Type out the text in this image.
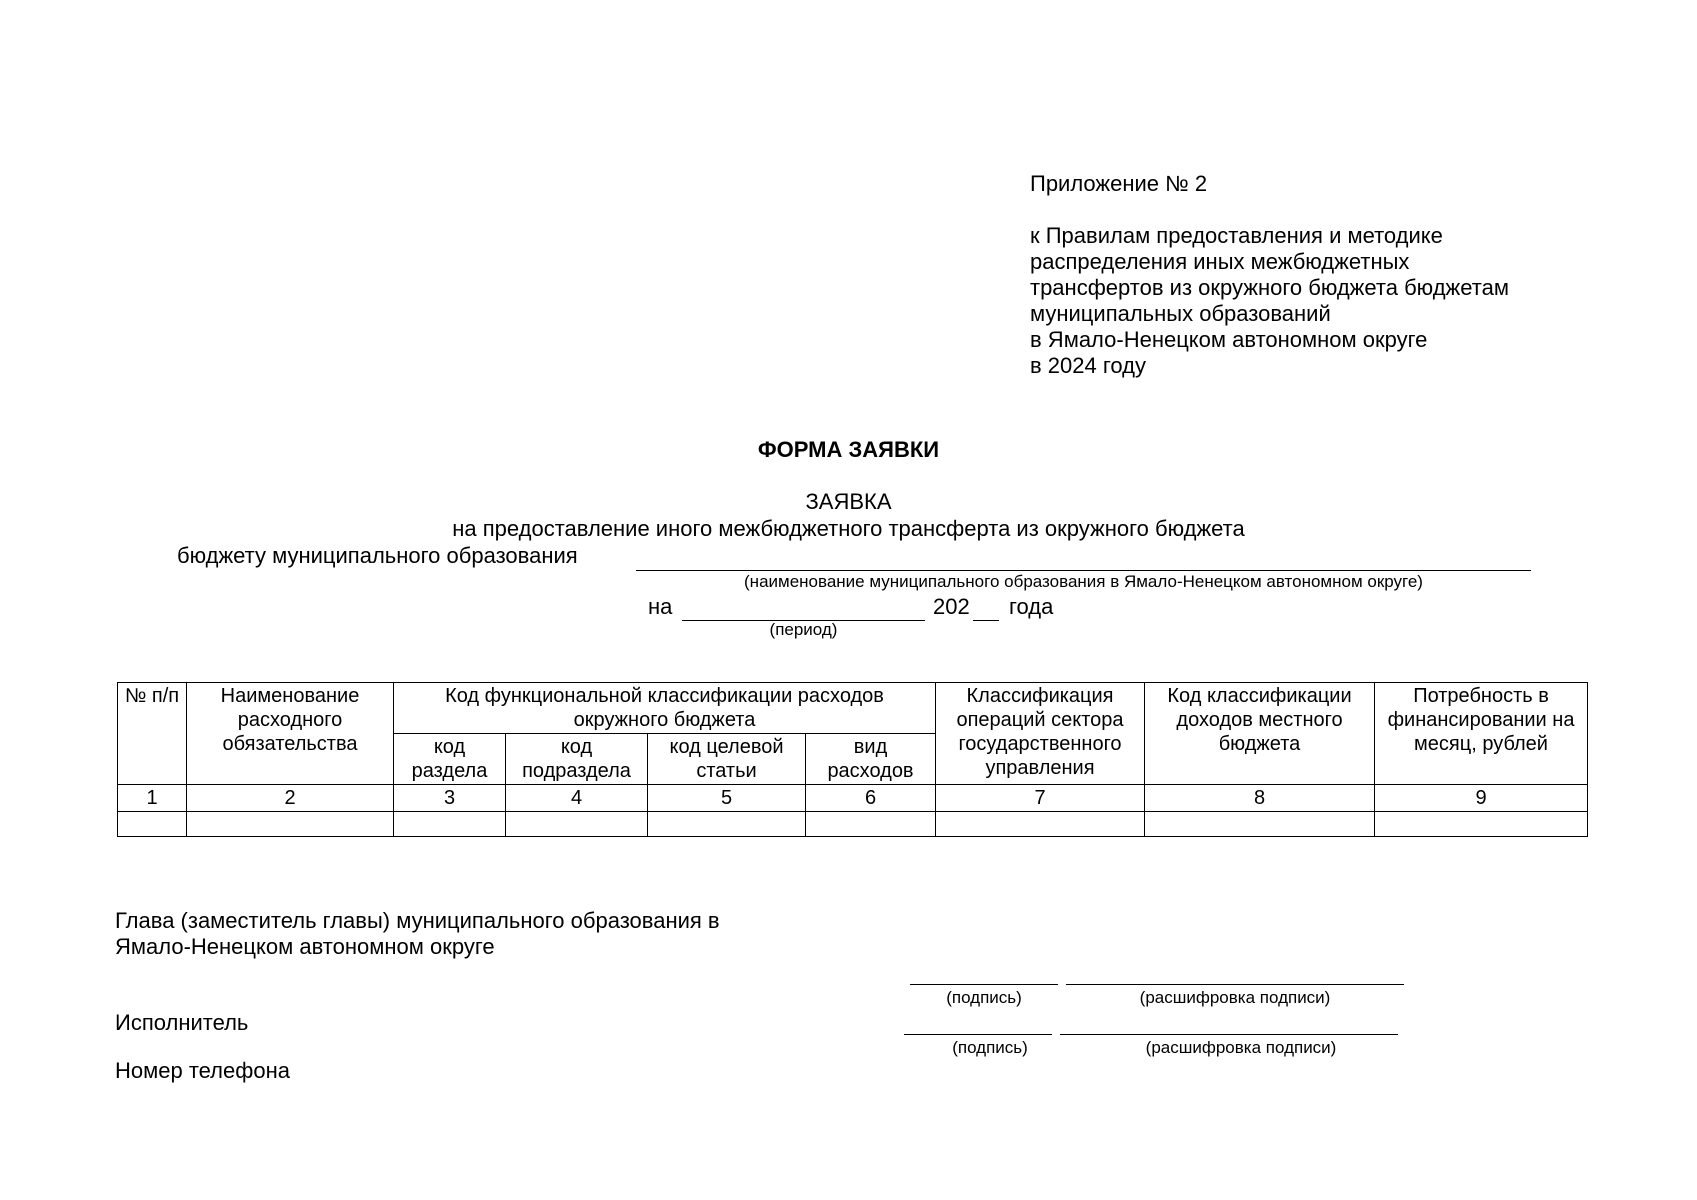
Приложение № 2

к Правилам предоставления и методике

распределения иных межбюджетных

трансфертов из окружного бюджета бюджетам

муниципальных образований

в Ямало-Ненецком автономном округе

в 2024 году

ФОРМА ЗАЯВКИ
ЗАЯВКА
на предоставление иного межбюджетного трансферта из окружного бюджета
бюджету муниципального образования
(наименование муниципального образования в Ямало-Ненецком автономном округе)
на	202 года
(период)
№ п/п	Наименование расходного обязательства	Код функциональной классификации расходов окружного бюджета				Классификация операций сектора государственного управления	Код классификации доходов местного бюджета	Потребность в финансировании на месяц, рублей
		код раздела	код подраздела	код целевой статьи	вид расходов			
1	2	3	4	5	6	7	8	9

Глава (заместитель главы) муниципального образования в

Ямало-Ненецком автономном округе

(подпись)	(расшифровка подписи)
Исполнитель
(подпись)	(расшифровка подписи)
Номер телефона
